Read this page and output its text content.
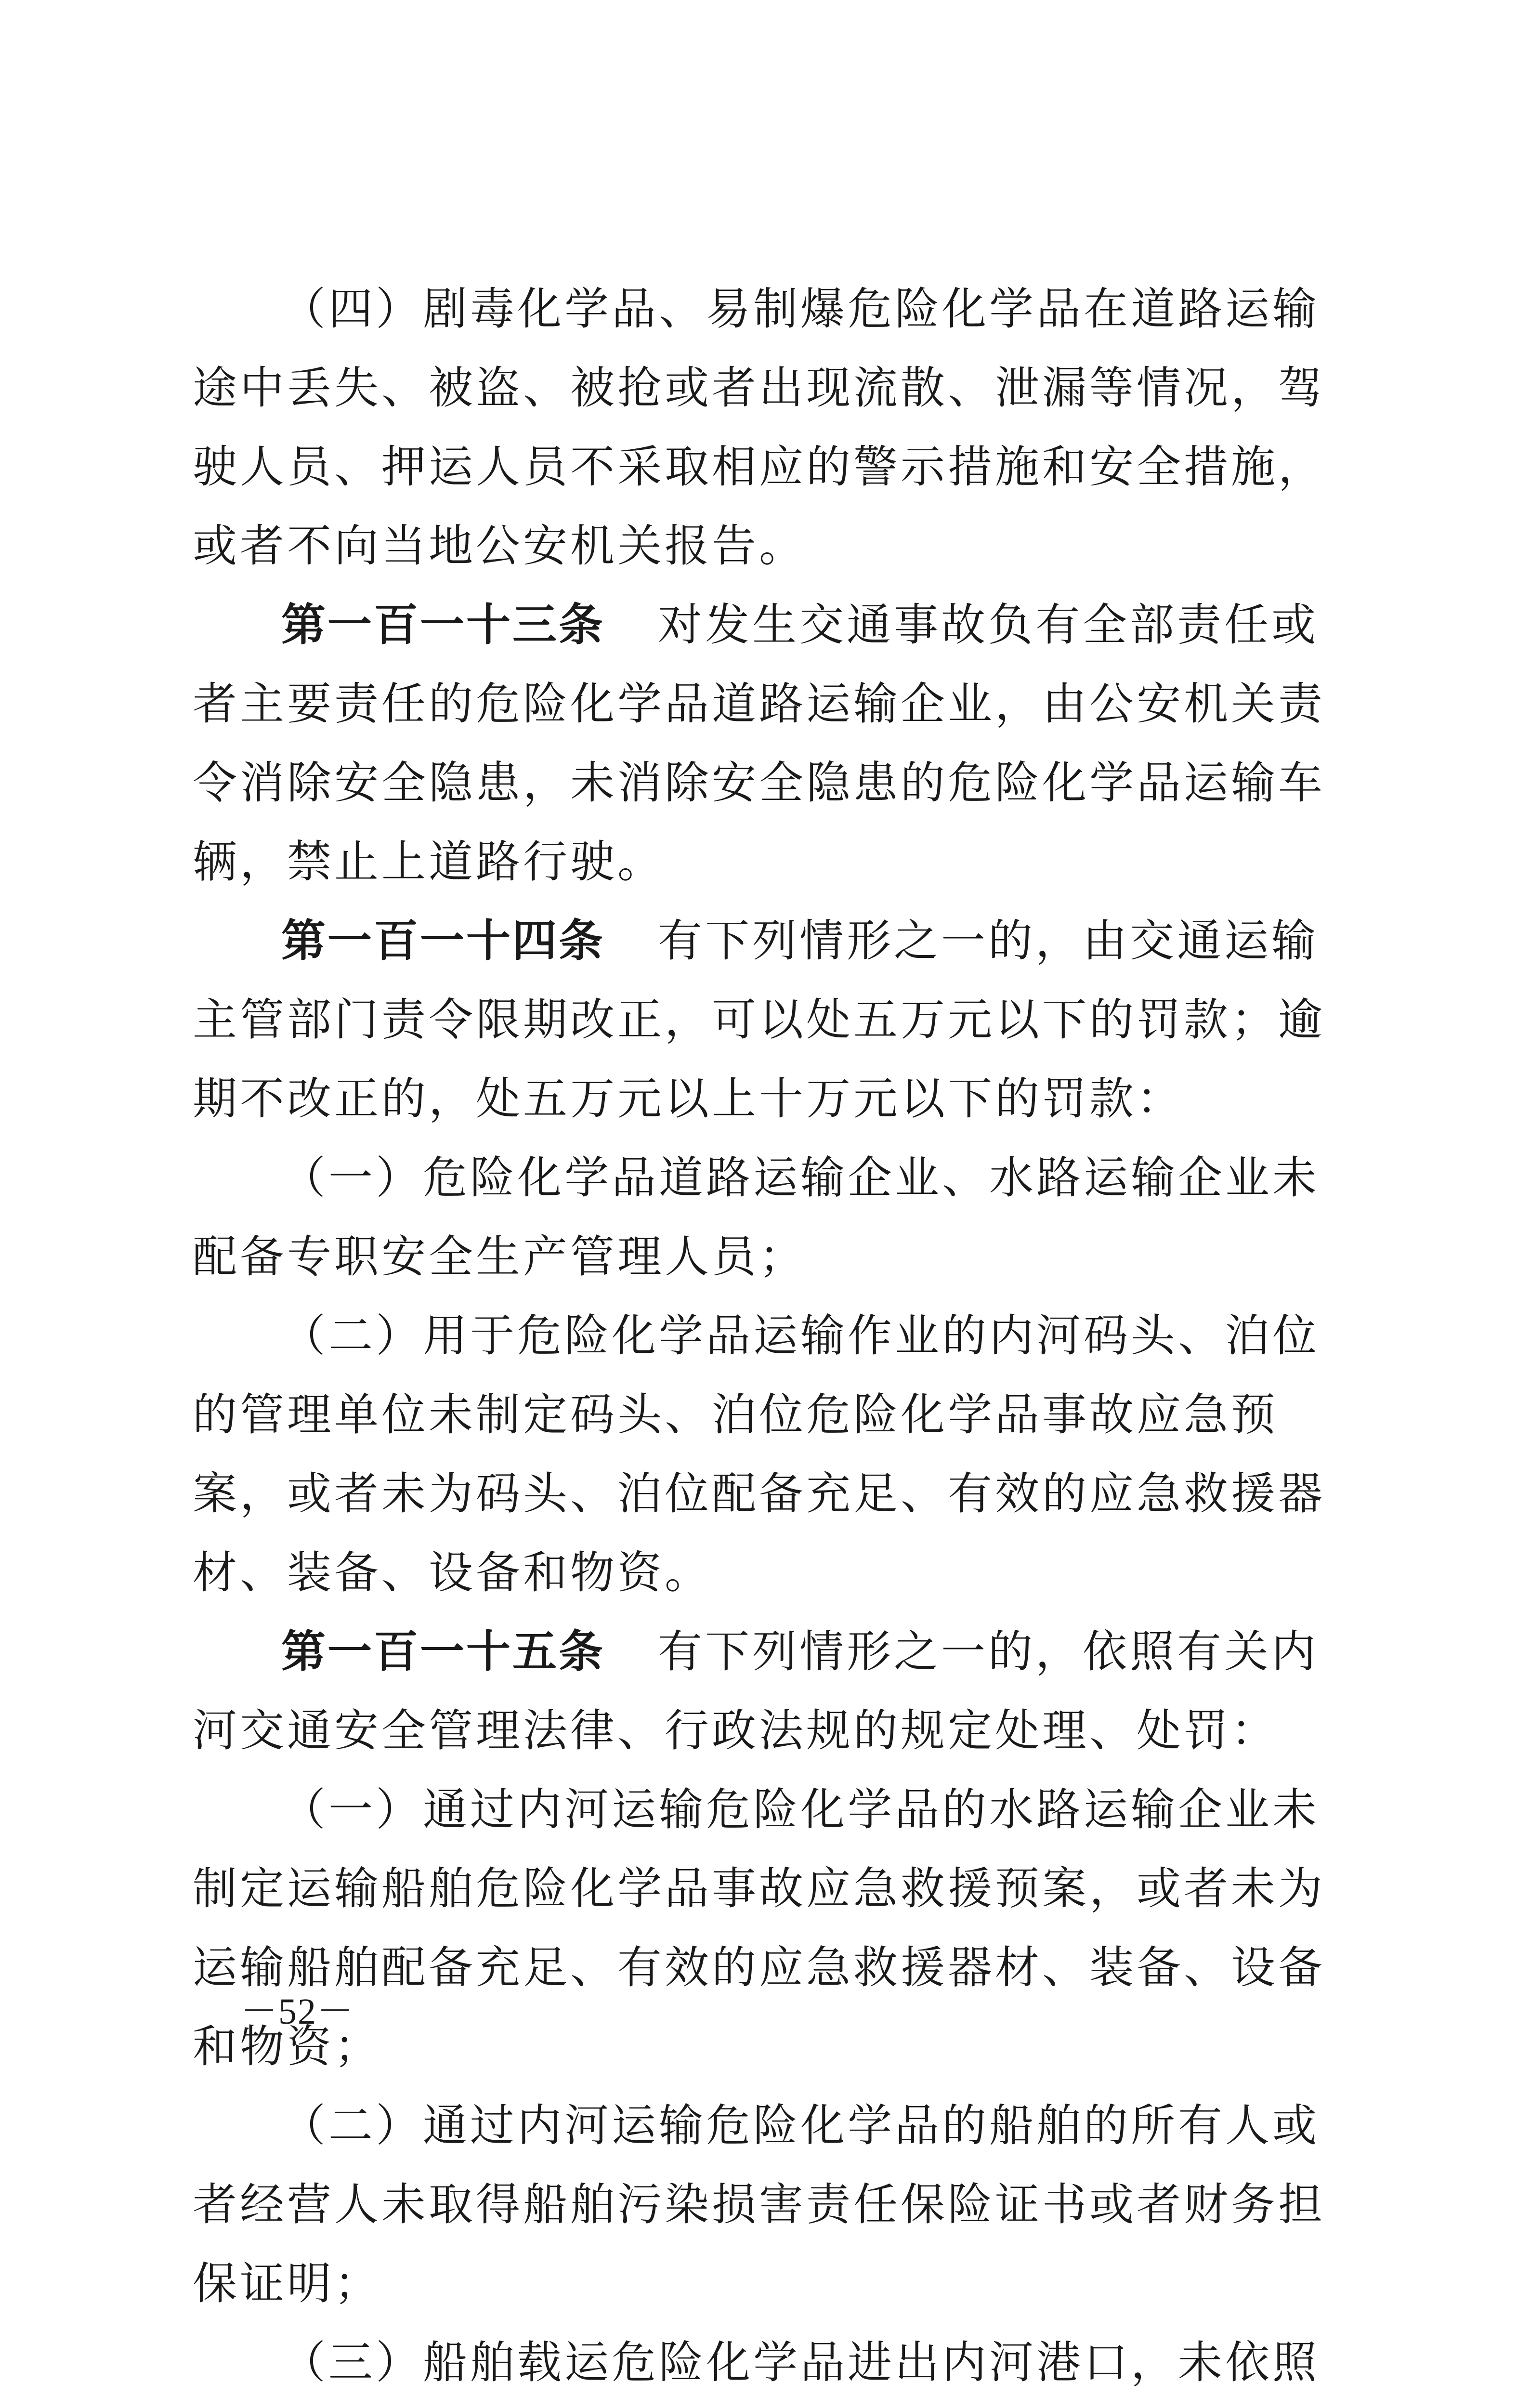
（四）剧毒化学品、易制爆危险化学品在道路运输途中丢失、被盗、被抢或者出现流散、泄漏等情况，驾驶人员、押运人员不采取相应的警示措施和安全措施，或者不向当地公安机关报告。

第一百一十三条 对发生交通事故负有全部责任或者主要责任的危险化学品道路运输企业，由公安机关责令消除安全隐患，未消除安全隐患的危险化学品运输车辆，禁止上道路行驶。

第一百一十四条 有下列情形之一的，由交通运输主管部门责令限期改正，可以处五万元以下的罚款；逾期不改正的，处五万元以上十万元以下的罚款：

（一）危险化学品道路运输企业、水路运输企业未配备专职安全生产管理人员；

（二）用于危险化学品运输作业的内河码头、泊位的管理单位未制定码头、泊位危险化学品事故应急预案，或者未为码头、泊位配备充足、有效的应急救援器材、装备、设备和物资。

第一百一十五条 有下列情形之一的，依照有关内河交通安全管理法律、行政法规的规定处理、处罚：

（一）通过内河运输危险化学品的水路运输企业未制定运输船舶危险化学品事故应急救援预案，或者未为运输船舶配备充足、有效的应急救援器材、装备、设备和物资；

（二）通过内河运输危险化学品的船舶的所有人或者经营人未取得船舶污染损害责任保险证书或者财务担保证明；

（三）船舶载运危险化学品进出内河港口，未依照

－52－
